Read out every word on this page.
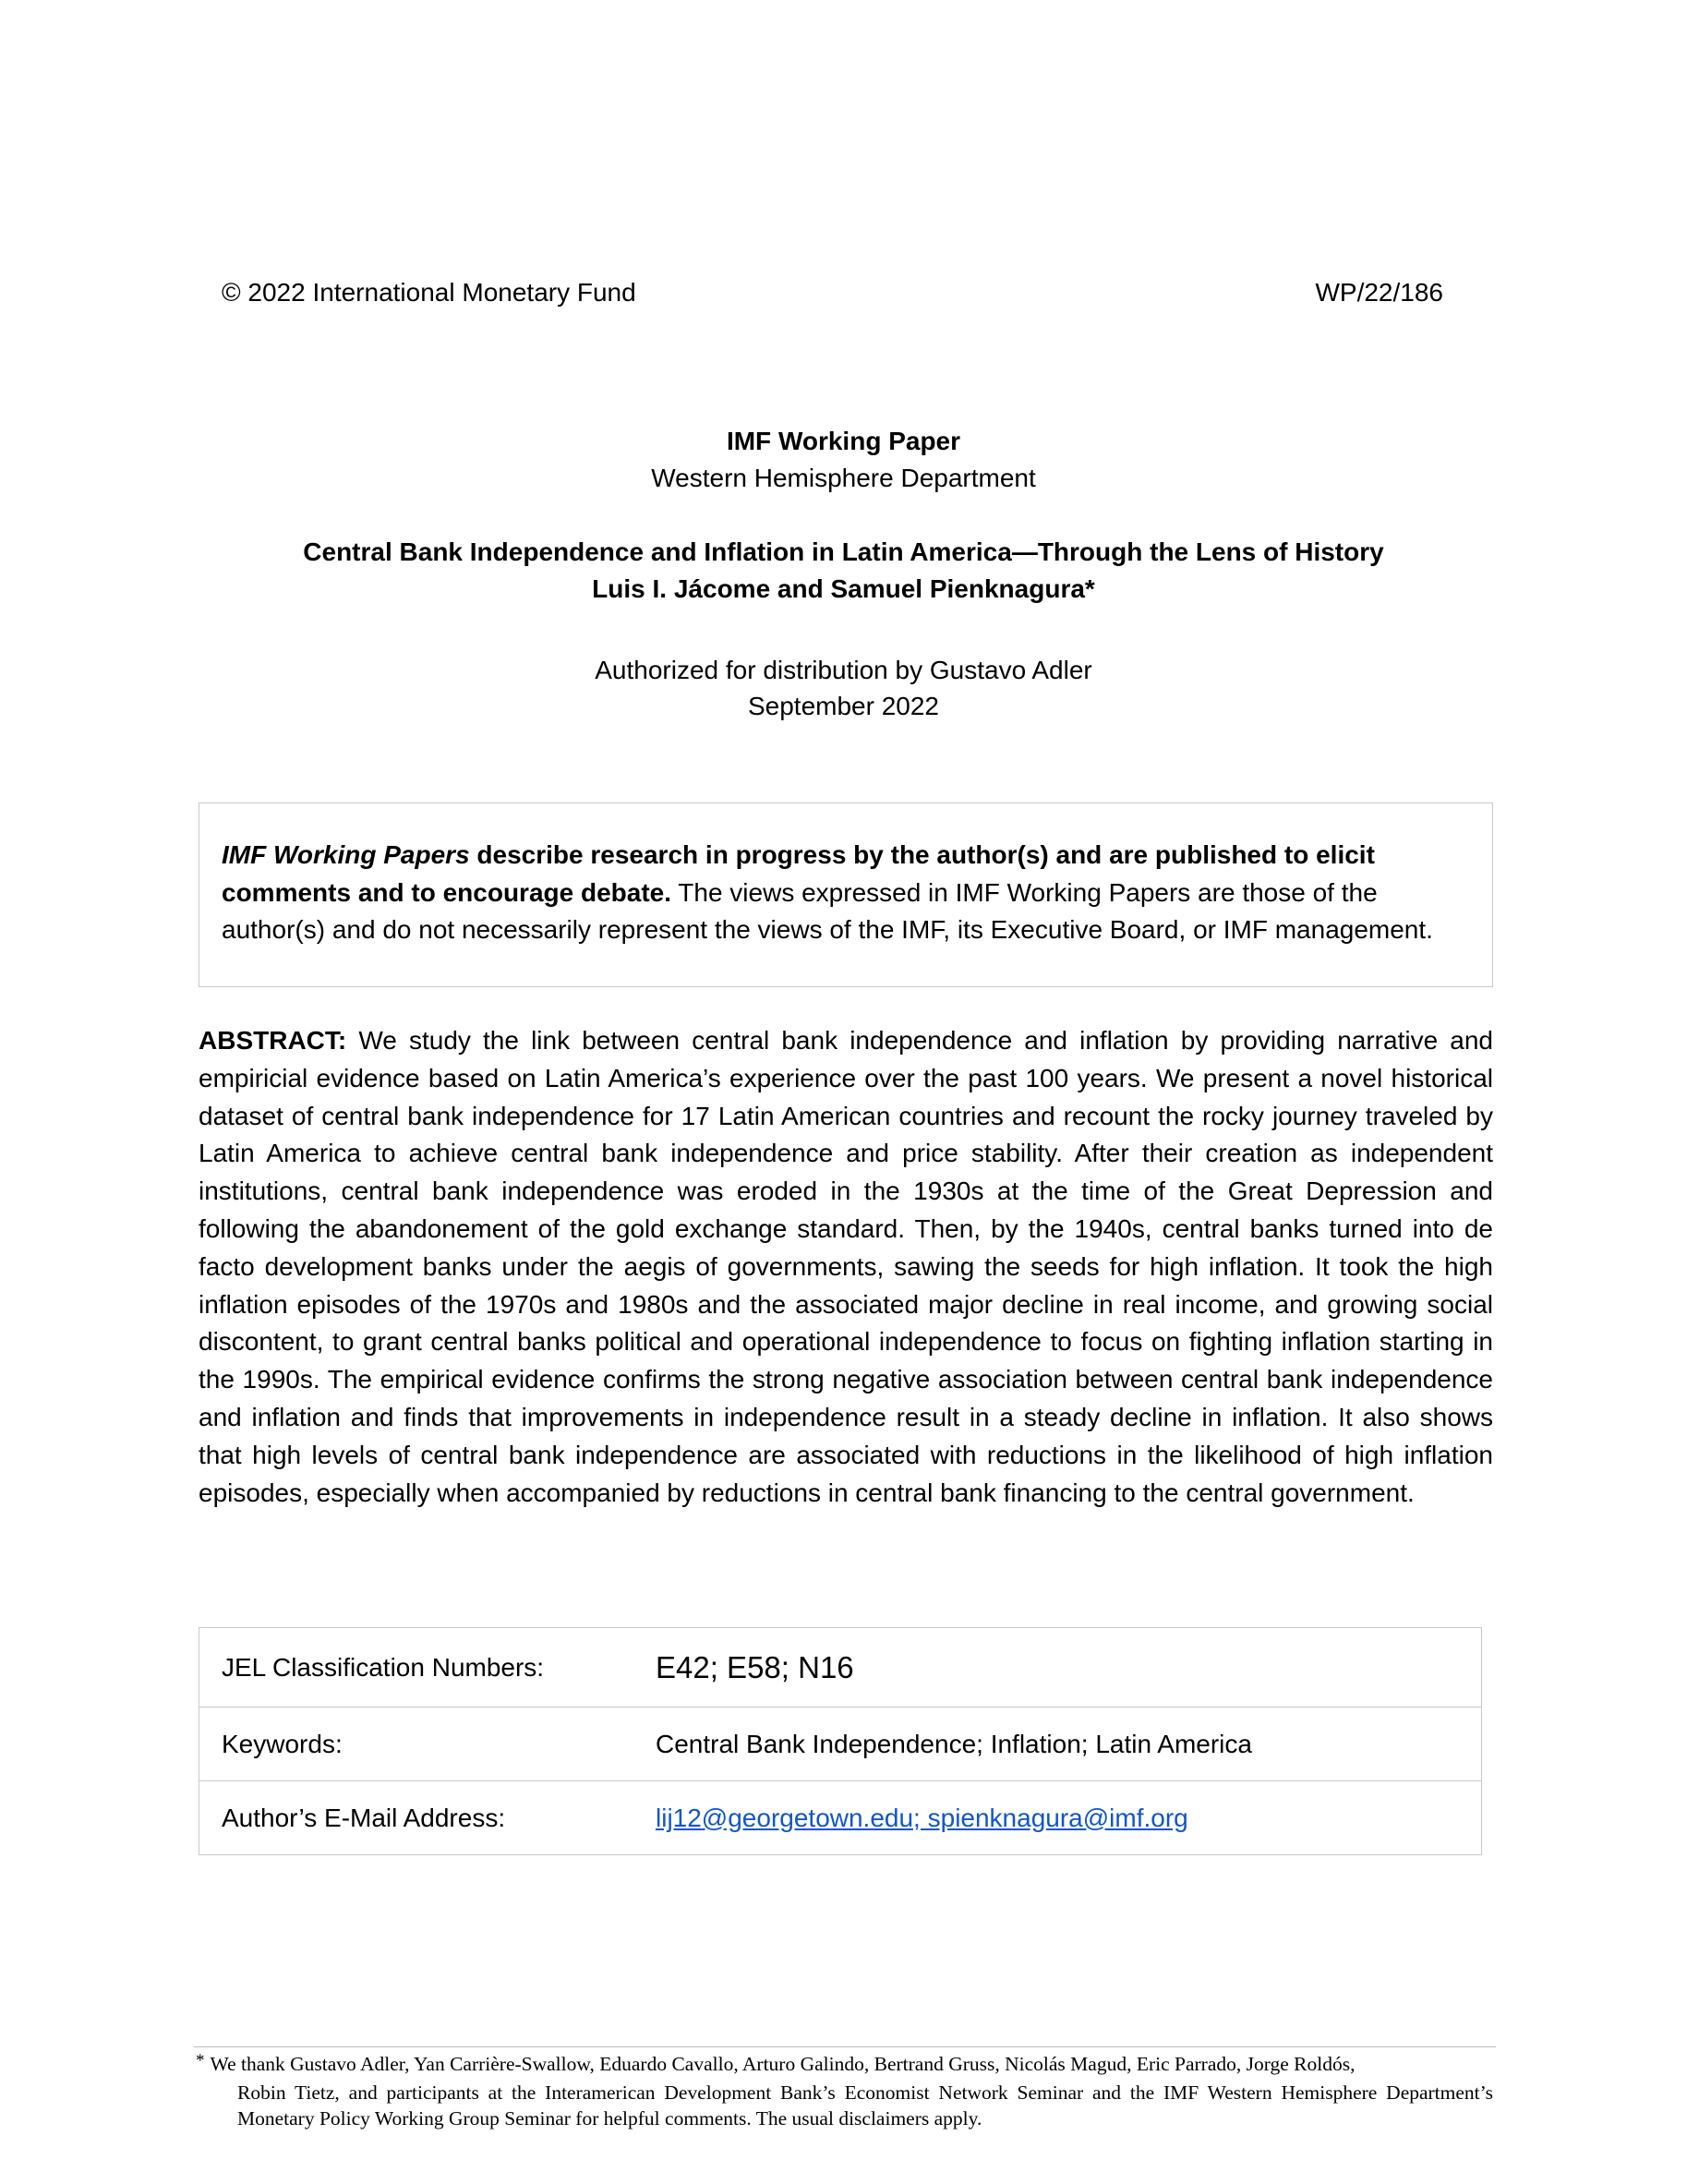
© 2022 International Monetary Fund	WP/22/186
IMF Working Paper
Western Hemisphere Department
Central Bank Independence and Inflation in Latin America—Through the Lens of History
Luis I. Jácome and Samuel Pienknagura*
Authorized for distribution by Gustavo Adler
September 2022
IMF Working Papers describe research in progress by the author(s) and are published to elicit comments and to encourage debate. The views expressed in IMF Working Papers are those of the author(s) and do not necessarily represent the views of the IMF, its Executive Board, or IMF management.
ABSTRACT: We study the link between central bank independence and inflation by providing narrative and empiricial evidence based on Latin America’s experience over the past 100 years. We present a novel historical dataset of central bank independence for 17 Latin American countries and recount the rocky journey traveled by Latin America to achieve central bank independence and price stability. After their creation as independent institutions, central bank independence was eroded in the 1930s at the time of the Great Depression and following the abandonement of the gold exchange standard. Then, by the 1940s, central banks turned into de facto development banks under the aegis of governments, sawing the seeds for high inflation. It took the high inflation episodes of the 1970s and 1980s and the associated major decline in real income, and growing social discontent, to grant central banks political and operational independence to focus on fighting inflation starting in the 1990s. The empirical evidence confirms the strong negative association between central bank independence and inflation and finds that improvements in independence result in a steady decline in inflation. It also shows that high levels of central bank independence are associated with reductions in the likelihood of high inflation episodes, especially when accompanied by reductions in central bank financing to the central government.
JEL Classification Numbers:	E42; E58; N16
Keywords:	Central Bank Independence; Inflation; Latin America
Author’s E-Mail Address:	lij12@georgetown.edu; spienknagura@imf.org
* We thank Gustavo Adler, Yan Carrière-Swallow, Eduardo Cavallo, Arturo Galindo, Bertrand Gruss, Nicolás Magud, Eric Parrado, Jorge Roldós,
Robin Tietz, and participants at the Interamerican Development Bank’s Economist Network Seminar and the IMF Western Hemisphere Department’s Monetary Policy Working Group Seminar for helpful comments. The usual disclaimers apply.
